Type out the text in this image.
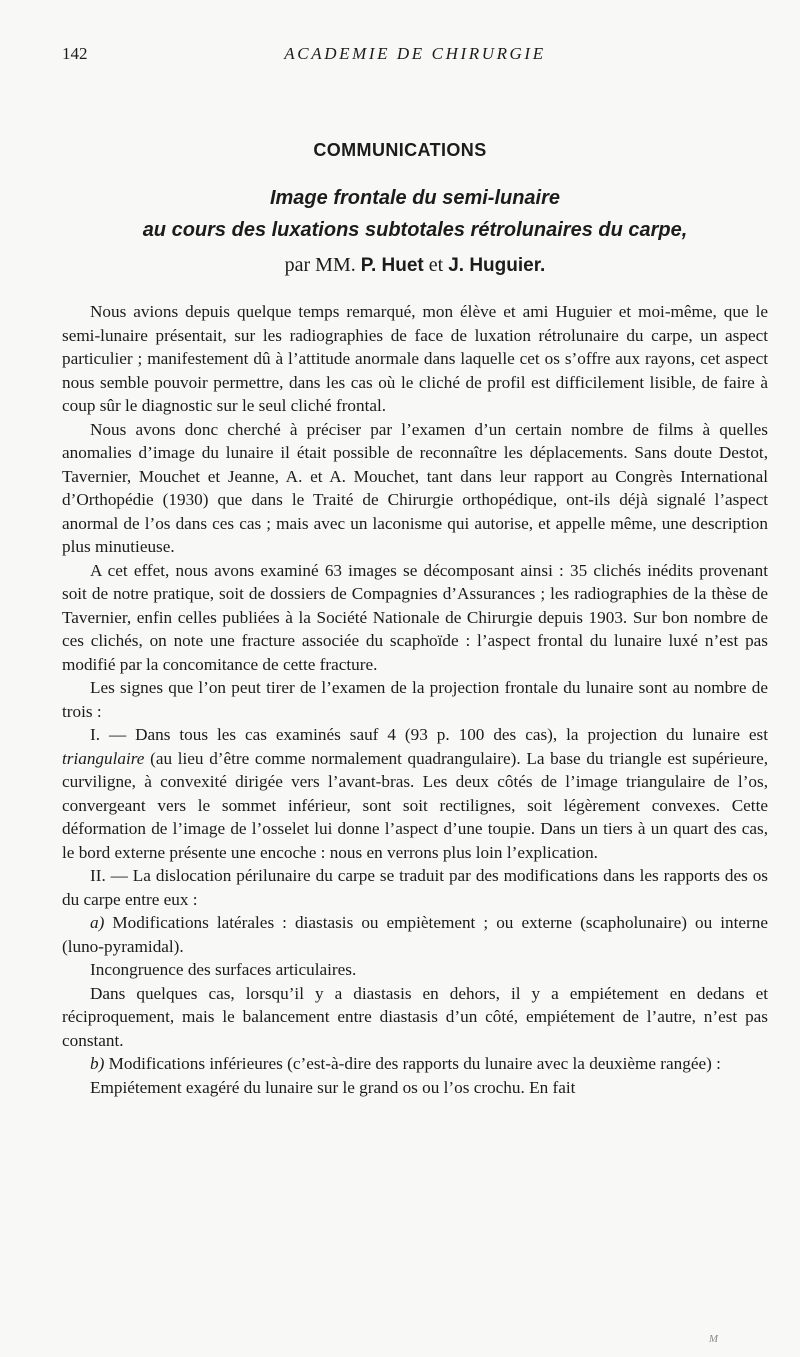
142	ACADEMIE DE CHIRURGIE
COMMUNICATIONS
Image frontale du semi-lunaire
au cours des luxations subtotales rétrolunaires du carpe,
par MM. P. Huet et J. Huguier.

Nous avions depuis quelque temps remarqué, mon élève et ami Huguier et moi-même, que le semi-lunaire présentait, sur les radiographies de face de luxation rétrolunaire du carpe, un aspect particulier ; manifestement dû à l’attitude anormale dans laquelle cet os s’offre aux rayons, cet aspect nous semble pouvoir permettre, dans les cas où le cliché de profil est difficilement lisible, de faire à coup sûr le diagnostic sur le seul cliché frontal.

Nous avons donc cherché à préciser par l’examen d’un certain nombre de films à quelles anomalies d’image du lunaire il était possible de reconnaître les déplacements. Sans doute Destot, Tavernier, Mouchet et Jeanne, A. et A. Mouchet, tant dans leur rapport au Congrès International d’Orthopédie (1930) que dans le Traité de Chirurgie orthopédique, ont-ils déjà signalé l’aspect anormal de l’os dans ces cas ; mais avec un laconisme qui autorise, et appelle même, une description plus minutieuse.

A cet effet, nous avons examiné 63 images se décomposant ainsi : 35 clichés inédits provenant soit de notre pratique, soit de dossiers de Compagnies d’Assurances ; les radiographies de la thèse de Tavernier, enfin celles publiées à la Société Nationale de Chirurgie depuis 1903. Sur bon nombre de ces clichés, on note une fracture associée du scaphoïde : l’aspect frontal du lunaire luxé n’est pas modifié par la concomitance de cette fracture.

Les signes que l’on peut tirer de l’examen de la projection frontale du lunaire sont au nombre de trois :

I. — Dans tous les cas examinés sauf 4 (93 p. 100 des cas), la projection du lunaire est triangulaire (au lieu d’être comme normalement quadrangulaire). La base du triangle est supérieure, curviligne, à convexité dirigée vers l’avant-bras. Les deux côtés de l’image triangulaire de l’os, convergeant vers le sommet inférieur, sont soit rectilignes, soit légèrement convexes. Cette déformation de l’image de l’osselet lui donne l’aspect d’une toupie. Dans un tiers à un quart des cas, le bord externe présente une encoche : nous en verrons plus loin l’explication.

II. — La dislocation périlunaire du carpe se traduit par des modifications dans les rapports des os du carpe entre eux :

a) Modifications latérales : diastasis ou empiètement ; ou externe (scapholunaire) ou interne (luno-pyramidal).

Incongruence des surfaces articulaires.

Dans quelques cas, lorsqu’il y a diastasis en dehors, il y a empiétement en dedans et réciproquement, mais le balancement entre diastasis d’un côté, empiétement de l’autre, n’est pas constant.

b) Modifications inférieures (c’est-à-dire des rapports du lunaire avec la deuxième rangée) :

Empiétement exagéré du lunaire sur le grand os ou l’os crochu. En fait

M
